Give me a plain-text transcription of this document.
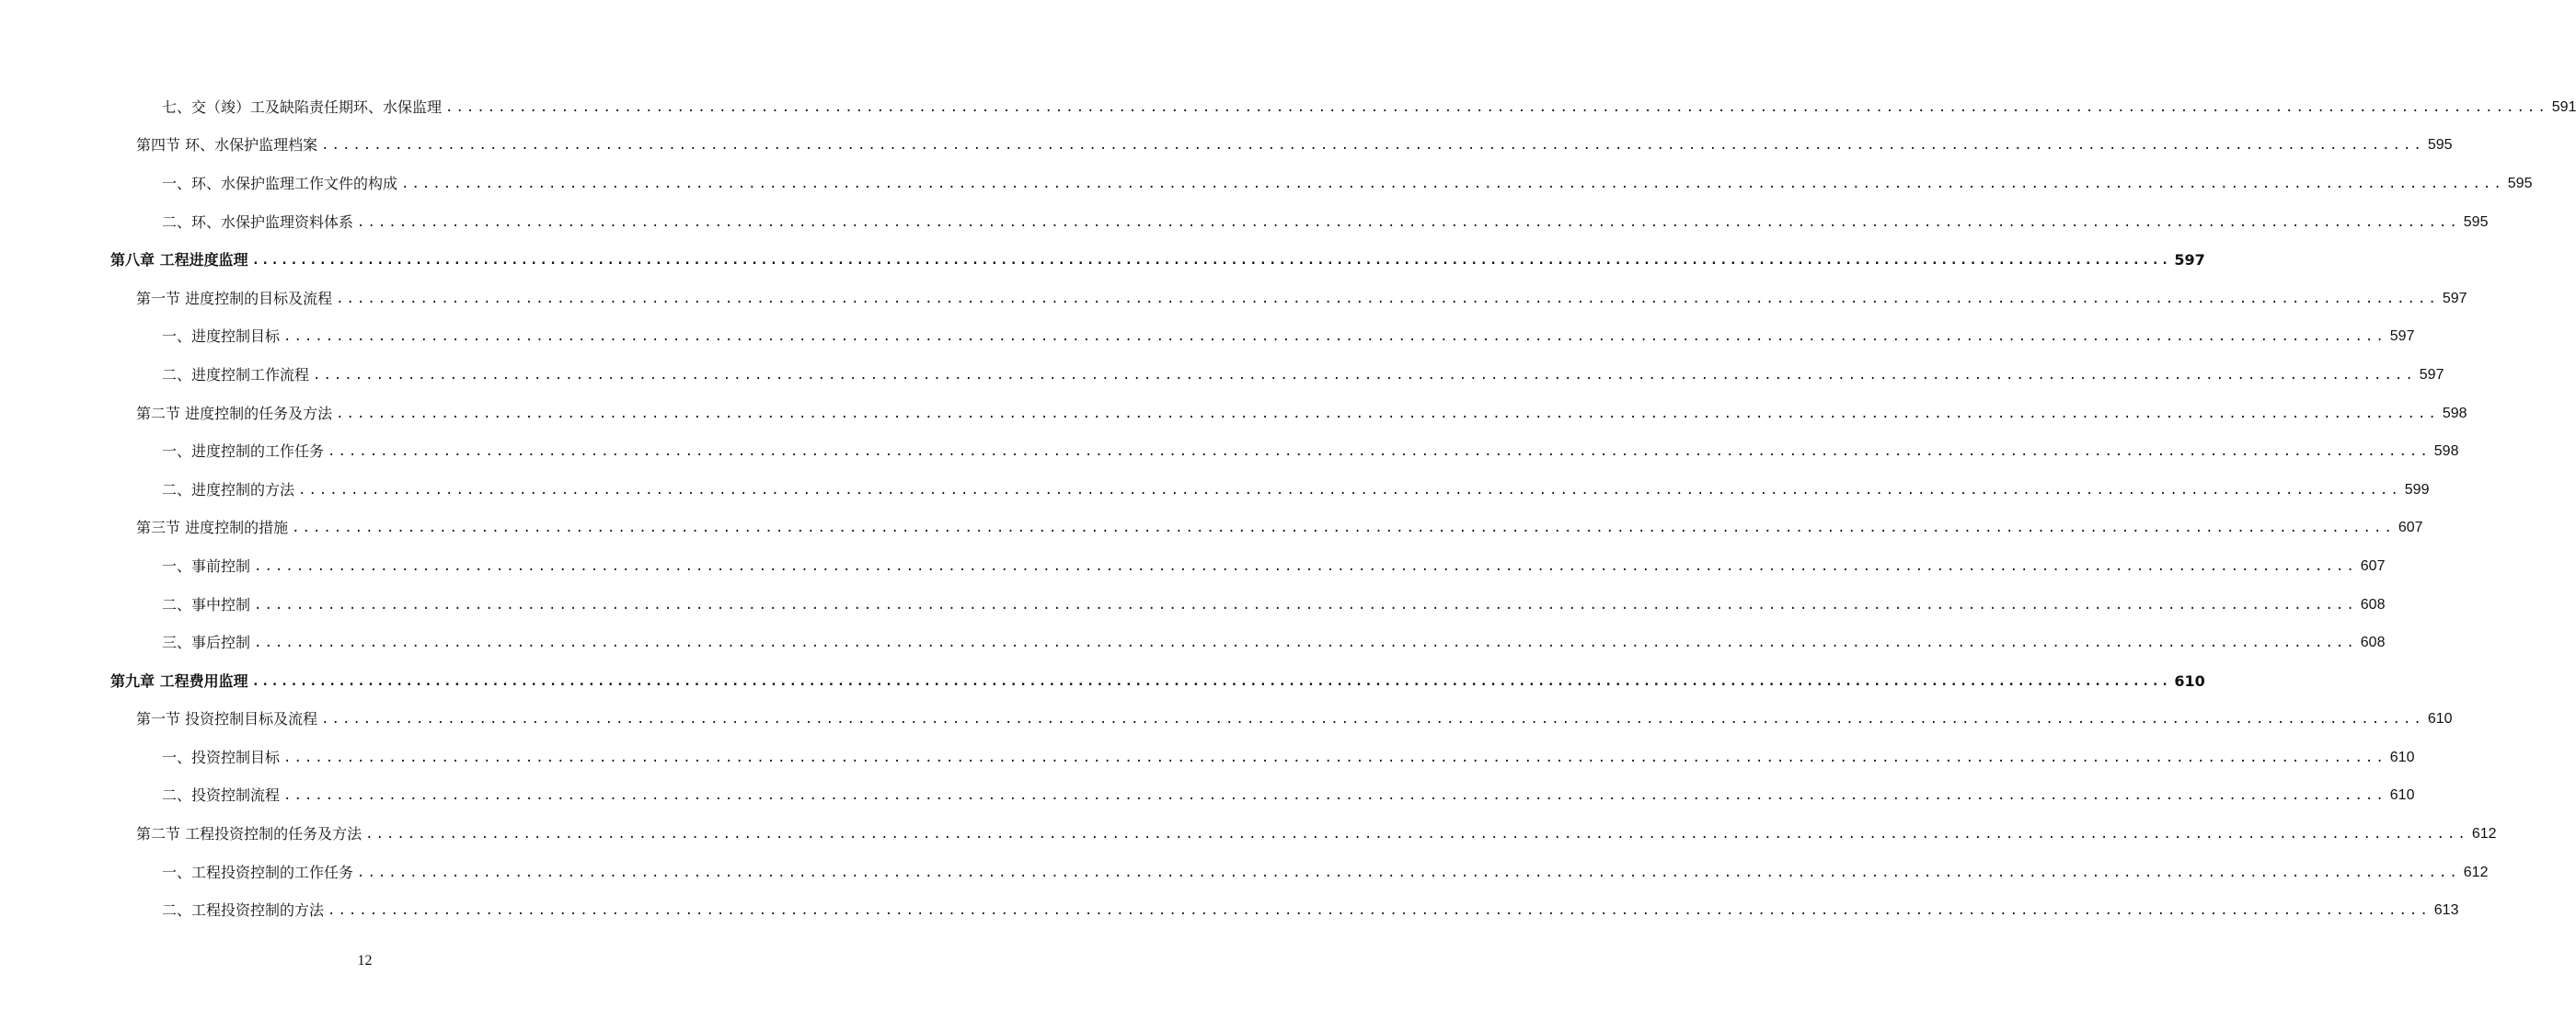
七、交（竣）工及缺陷责任期环、水保监理 ........................................................................................................................................................................................................ 591
第四节 环、水保护监理档案 ........................................................................................................................................................................................................ 595
一、环、水保护监理工作文件的构成 ........................................................................................................................................................................................................ 595
二、环、水保护监理资料体系 ........................................................................................................................................................................................................ 595
第八章 工程进度监理 ........................................................................................................................................................................................................ 597
第一节 进度控制的目标及流程 ........................................................................................................................................................................................................ 597
一、进度控制目标 ........................................................................................................................................................................................................ 597
二、进度控制工作流程 ........................................................................................................................................................................................................ 597
第二节 进度控制的任务及方法 ........................................................................................................................................................................................................ 598
一、进度控制的工作任务 ........................................................................................................................................................................................................ 598
二、进度控制的方法 ........................................................................................................................................................................................................ 599
第三节 进度控制的措施 ........................................................................................................................................................................................................ 607
一、事前控制 ........................................................................................................................................................................................................ 607
二、事中控制 ........................................................................................................................................................................................................ 608
三、事后控制 ........................................................................................................................................................................................................ 608
第九章 工程费用监理 ........................................................................................................................................................................................................ 610
第一节 投资控制目标及流程 ........................................................................................................................................................................................................ 610
一、投资控制目标 ........................................................................................................................................................................................................ 610
二、投资控制流程 ........................................................................................................................................................................................................ 610
第二节 工程投资控制的任务及方法 ........................................................................................................................................................................................................ 612
一、工程投资控制的工作任务 ........................................................................................................................................................................................................ 612
二、工程投资控制的方法 ........................................................................................................................................................................................................ 613
12
